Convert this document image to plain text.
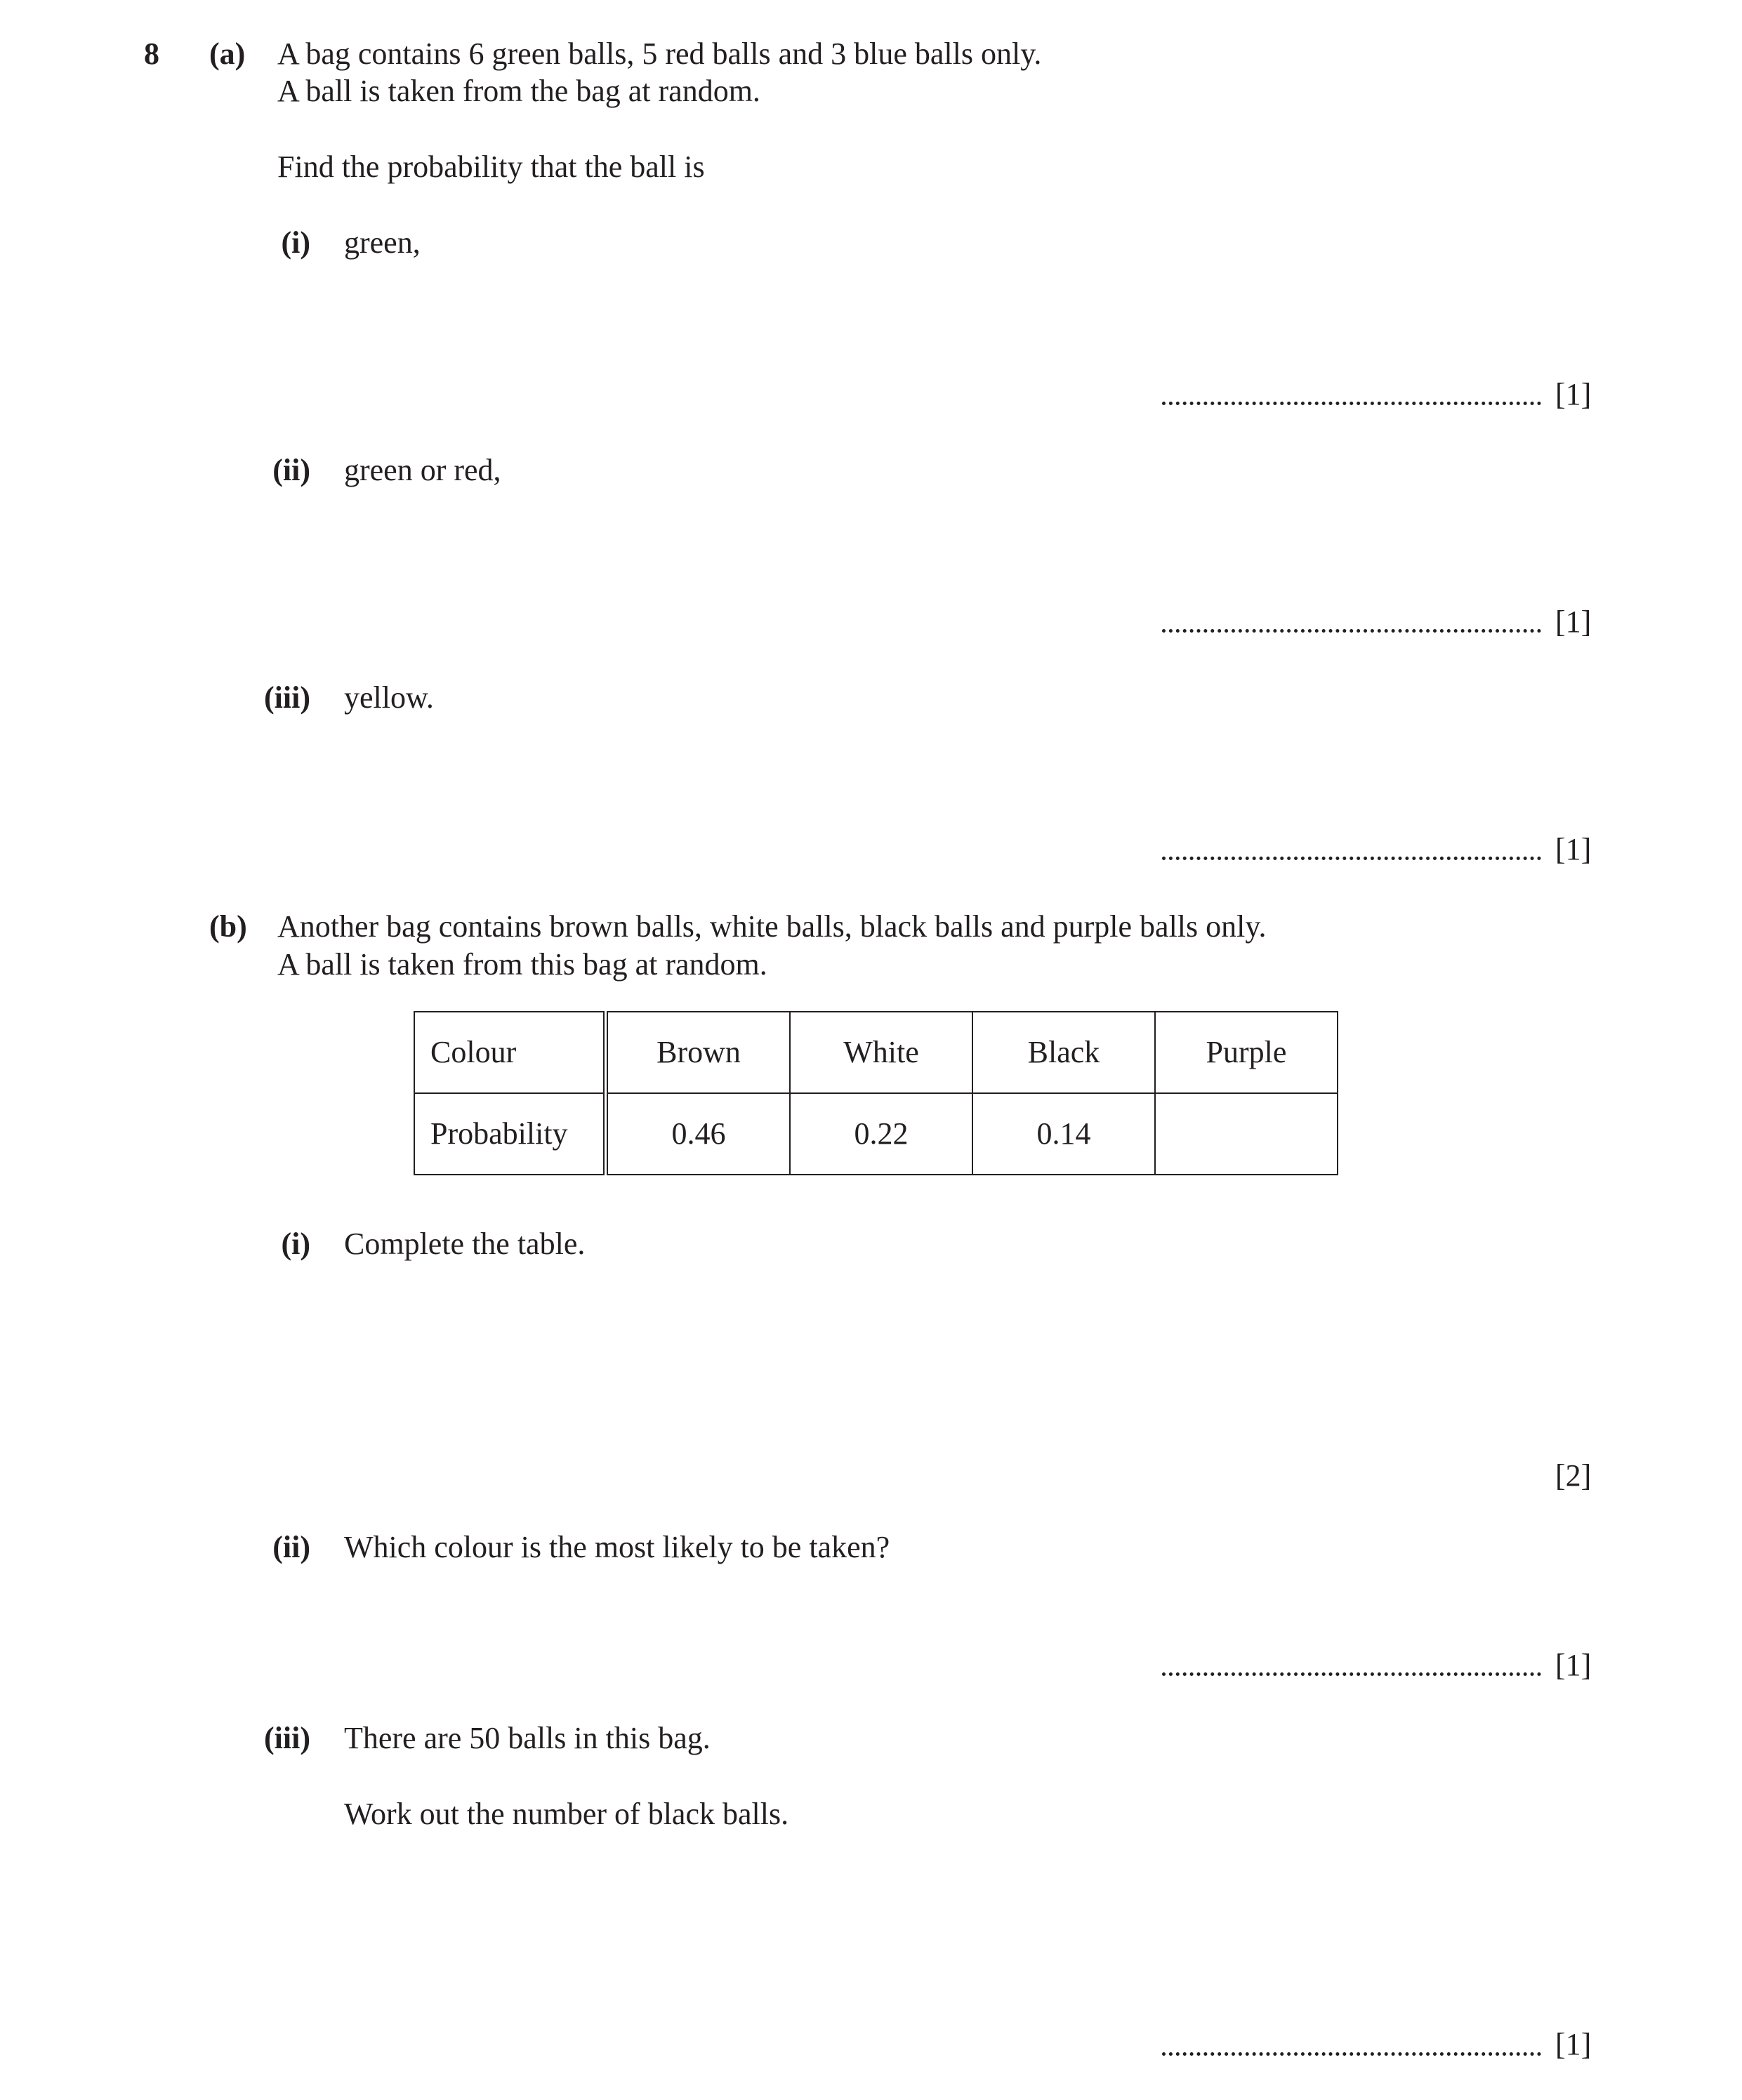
8 (a) A bag contains 6 green balls, 5 red balls and 3 blue balls only.
A ball is taken from the bag at random.
Find the probability that the ball is
(i) green,
[1]
(ii) green or red,
[1]
(iii) yellow.
[1]
(b) Another bag contains brown balls, white balls, black balls and purple balls only.
A ball is taken from this bag at random.
Colour	Brown	White	Black	Purple
Probability	0.46	0.22	0.14	
(i) Complete the table.
[2]
(ii) Which colour is the most likely to be taken?
[1]
(iii) There are 50 balls in this bag.
Work out the number of black balls.
[1]
